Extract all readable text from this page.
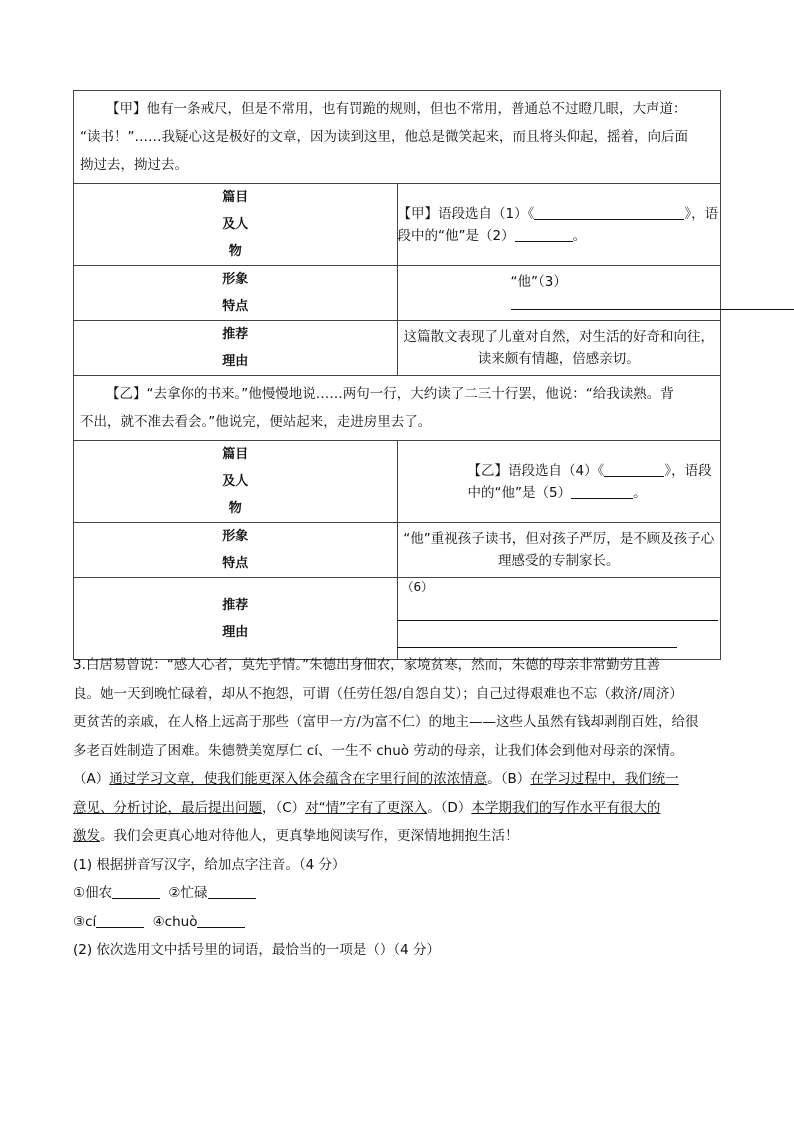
【甲】他有一条戒尺，但是不常用，也有罚跪的规则，但也不常用，普通总不过瞪几眼，大声道：
“读书！”……我疑心这是极好的文章，因为读到这里，他总是微笑起来，而且将头仰起，摇着，向后面
拗过去，拗过去。	

篇目
及人
物	【甲】语段选自（1）《 》，语段中的“他”是（2） 。

形象
特点	“他”（3）

推荐
理由	这篇散文表现了儿童对自然，对生活的好奇和向往，读来颇有情趣，倍感亲切。

【乙】“去拿你的书来。”他慢慢地说……两句一行，大约读了二三十行罢，他说：“给我读熟。背
不出，就不准去看会。”他说完，便站起来，走进房里去了。	

篇目
及人
物	【乙】语段选自（4）《 》，语段中的“他”是（5） 。

形象
特点	“他”重视孩子读书，但对孩子严厉，是不顾及孩子心理感受的专制家长。

推荐
理由	（6）
3.白居易曾说：“感人心者，莫先乎情。”朱德出身佃农，家境贫寒，然而，朱德的母亲非常勤劳且善
良。她一天到晚忙碌着，却从不抱怨，可谓（任劳任怨/自怨自艾）；自己过得艰难也不忘（救济/周济）
更贫苦的亲戚，在人格上远高于那些（富甲一方/为富不仁）的地主——这些人虽然有钱却剥削百姓，给很
多老百姓制造了困难。朱德赞美宽厚仁 cí、一生不 chuò 劳动的母亲，让我们体会到他对母亲的深情。
（A）通过学习文章，使我们能更深入体会蕴含在字里行间的浓浓情意。（B）在学习过程中，我们统一
意见、分析讨论，最后提出问题，（C）对“情”字有了更深入。（D）本学期我们的写作水平有很大的
激发。我们会更真心地对待他人，更真挚地阅读写作，更深情地拥抱生活！
(1) 根据拼音写汉字，给加点字注音。（4 分）
①佃农	②忙碌
③cí	④chuò
(2) 依次选用文中括号里的词语，最恰当的一项是（）（4 分）
